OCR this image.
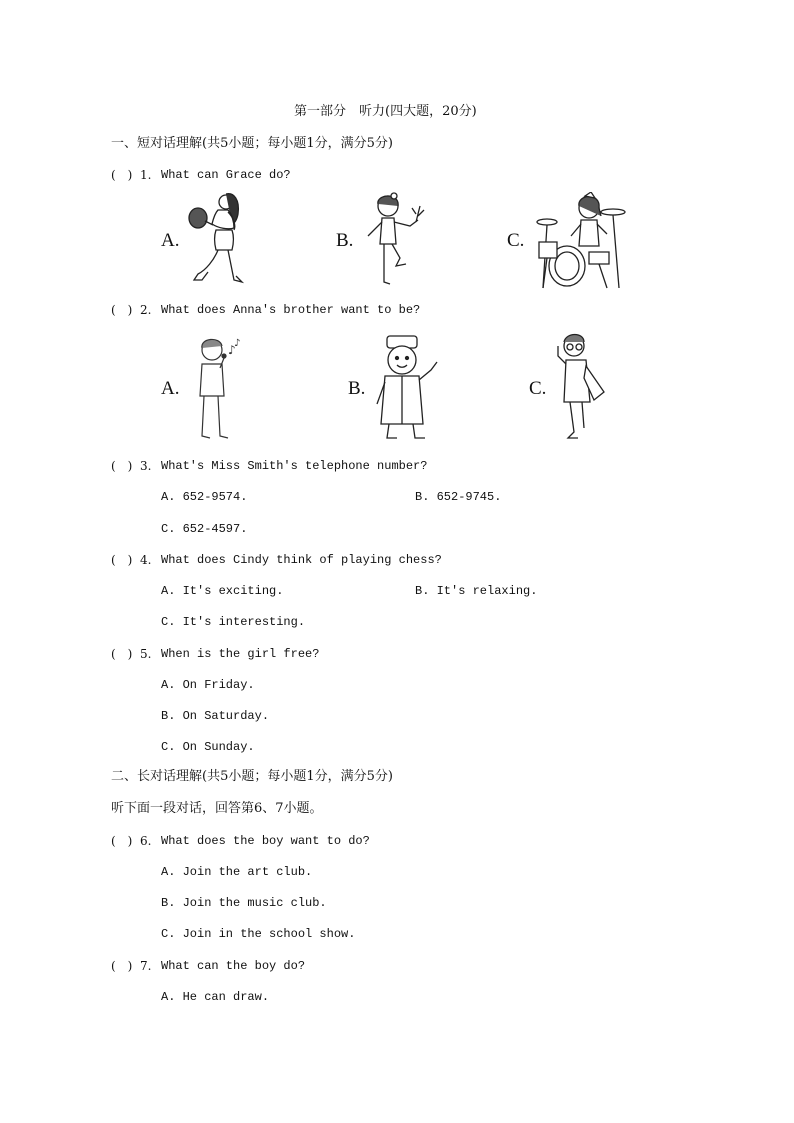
第一部分　听力(四大题，20分)
一、短对话理解(共5小题；每小题1分，满分5分)
(　) 1. What can Grace do?
A.	B.	C.
(　) 2. What does Anna's brother want to be?
A.
♪
♪
B.	C.
(　) 3. What's Miss Smith's telephone number?
A. 652-9574.	B. 652-9745.
C. 652-4597.
(　) 4. What does Cindy think of playing chess?
A. It's exciting.	B. It's relaxing.
C. It's interesting.
(　) 5. When is the girl free?
A. On Friday.
B. On Saturday.
C. On Sunday.
二、长对话理解(共5小题；每小题1分，满分5分)
听下面一段对话，回答第6、7小题。
(　) 6. What does the boy want to do?
A. Join the art club.
B. Join the music club.
C. Join in the school show.
(　) 7. What can the boy do?
A. He can draw.
